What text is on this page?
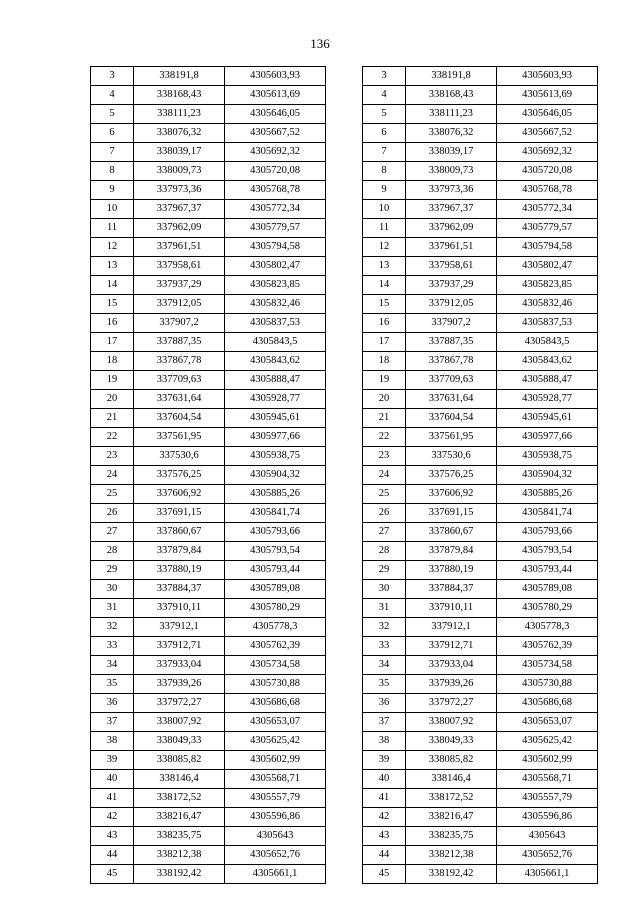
136
3	338191,8	4305603,93
4	338168,43	4305613,69
5	338111,23	4305646,05
6	338076,32	4305667,52
7	338039,17	4305692,32
8	338009,73	4305720,08
9	337973,36	4305768,78
10	337967,37	4305772,34
11	337962,09	4305779,57
12	337961,51	4305794,58
13	337958,61	4305802,47
14	337937,29	4305823,85
15	337912,05	4305832,46
16	337907,2	4305837,53
17	337887,35	4305843,5
18	337867,78	4305843,62
19	337709,63	4305888,47
20	337631,64	4305928,77
21	337604,54	4305945,61
22	337561,95	4305977,66
23	337530,6	4305938,75
24	337576,25	4305904,32
25	337606,92	4305885,26
26	337691,15	4305841,74
27	337860,67	4305793,66
28	337879,84	4305793,54
29	337880,19	4305793,44
30	337884,37	4305789,08
31	337910,11	4305780,29
32	337912,1	4305778,3
33	337912,71	4305762,39
34	337933,04	4305734,58
35	337939,26	4305730,88
36	337972,27	4305686,68
37	338007,92	4305653,07
38	338049,33	4305625,42
39	338085,82	4305602,99
40	338146,4	4305568,71
41	338172,52	4305557,79
42	338216,47	4305596,86
43	338235,75	4305643
44	338212,38	4305652,76
45	338192,42	4305661,1
3	338191,8	4305603,93
4	338168,43	4305613,69
5	338111,23	4305646,05
6	338076,32	4305667,52
7	338039,17	4305692,32
8	338009,73	4305720,08
9	337973,36	4305768,78
10	337967,37	4305772,34
11	337962,09	4305779,57
12	337961,51	4305794,58
13	337958,61	4305802,47
14	337937,29	4305823,85
15	337912,05	4305832,46
16	337907,2	4305837,53
17	337887,35	4305843,5
18	337867,78	4305843,62
19	337709,63	4305888,47
20	337631,64	4305928,77
21	337604,54	4305945,61
22	337561,95	4305977,66
23	337530,6	4305938,75
24	337576,25	4305904,32
25	337606,92	4305885,26
26	337691,15	4305841,74
27	337860,67	4305793,66
28	337879,84	4305793,54
29	337880,19	4305793,44
30	337884,37	4305789,08
31	337910,11	4305780,29
32	337912,1	4305778,3
33	337912,71	4305762,39
34	337933,04	4305734,58
35	337939,26	4305730,88
36	337972,27	4305686,68
37	338007,92	4305653,07
38	338049,33	4305625,42
39	338085,82	4305602,99
40	338146,4	4305568,71
41	338172,52	4305557,79
42	338216,47	4305596,86
43	338235,75	4305643
44	338212,38	4305652,76
45	338192,42	4305661,1
